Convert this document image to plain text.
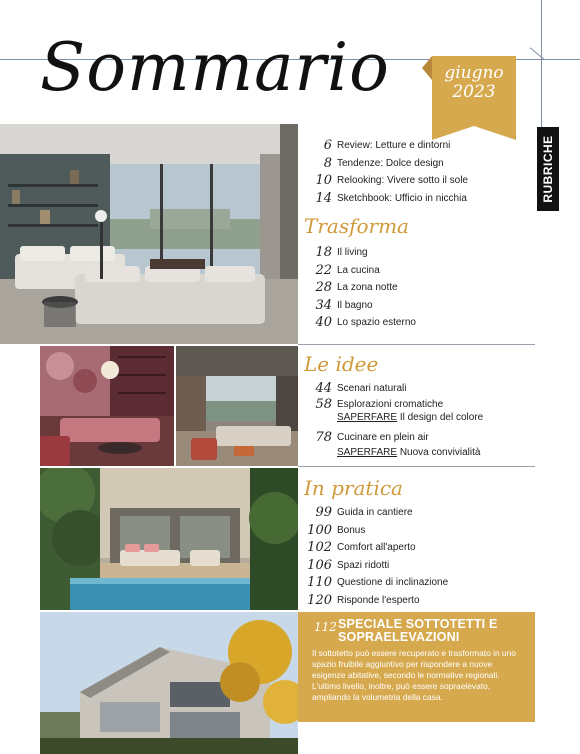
Sommario	giugno
2023
RUBRICHE
6 Review: Letture e dintorni
8 Tendenze: Dolce design
10 Relooking: Vivere sotto il sole
14 Sketchbook: Ufficio in nicchia
Trasforma
18 Il living
22 La cucina
28 La zona notte
34 Il bagno
40 Lo spazio esterno
Le idee
44 Scenari naturali
58 Esplorazioni cromatiche
SAPERFARE Il design del colore
78 Cucinare en plein air
SAPERFARE Nuova convivialità
In pratica
99 Guida in cantiere
100 Bonus
102 Comfort all'aperto
106 Spazi ridotti
110 Questione di inclinazione
120 Risponde l'esperto
112 SPECIALE SOTTOTETTI E SOPRAELEVAZIONI
Il sottotetto può essere recuperato e trasformato in uno spazio fruibile aggiuntivo per rispondere a nuove esigenze abitative, secondo le normative regionali. L'ultimo livello, inoltre, può essere sopraelevato, ampliando la volumetria della casa.
